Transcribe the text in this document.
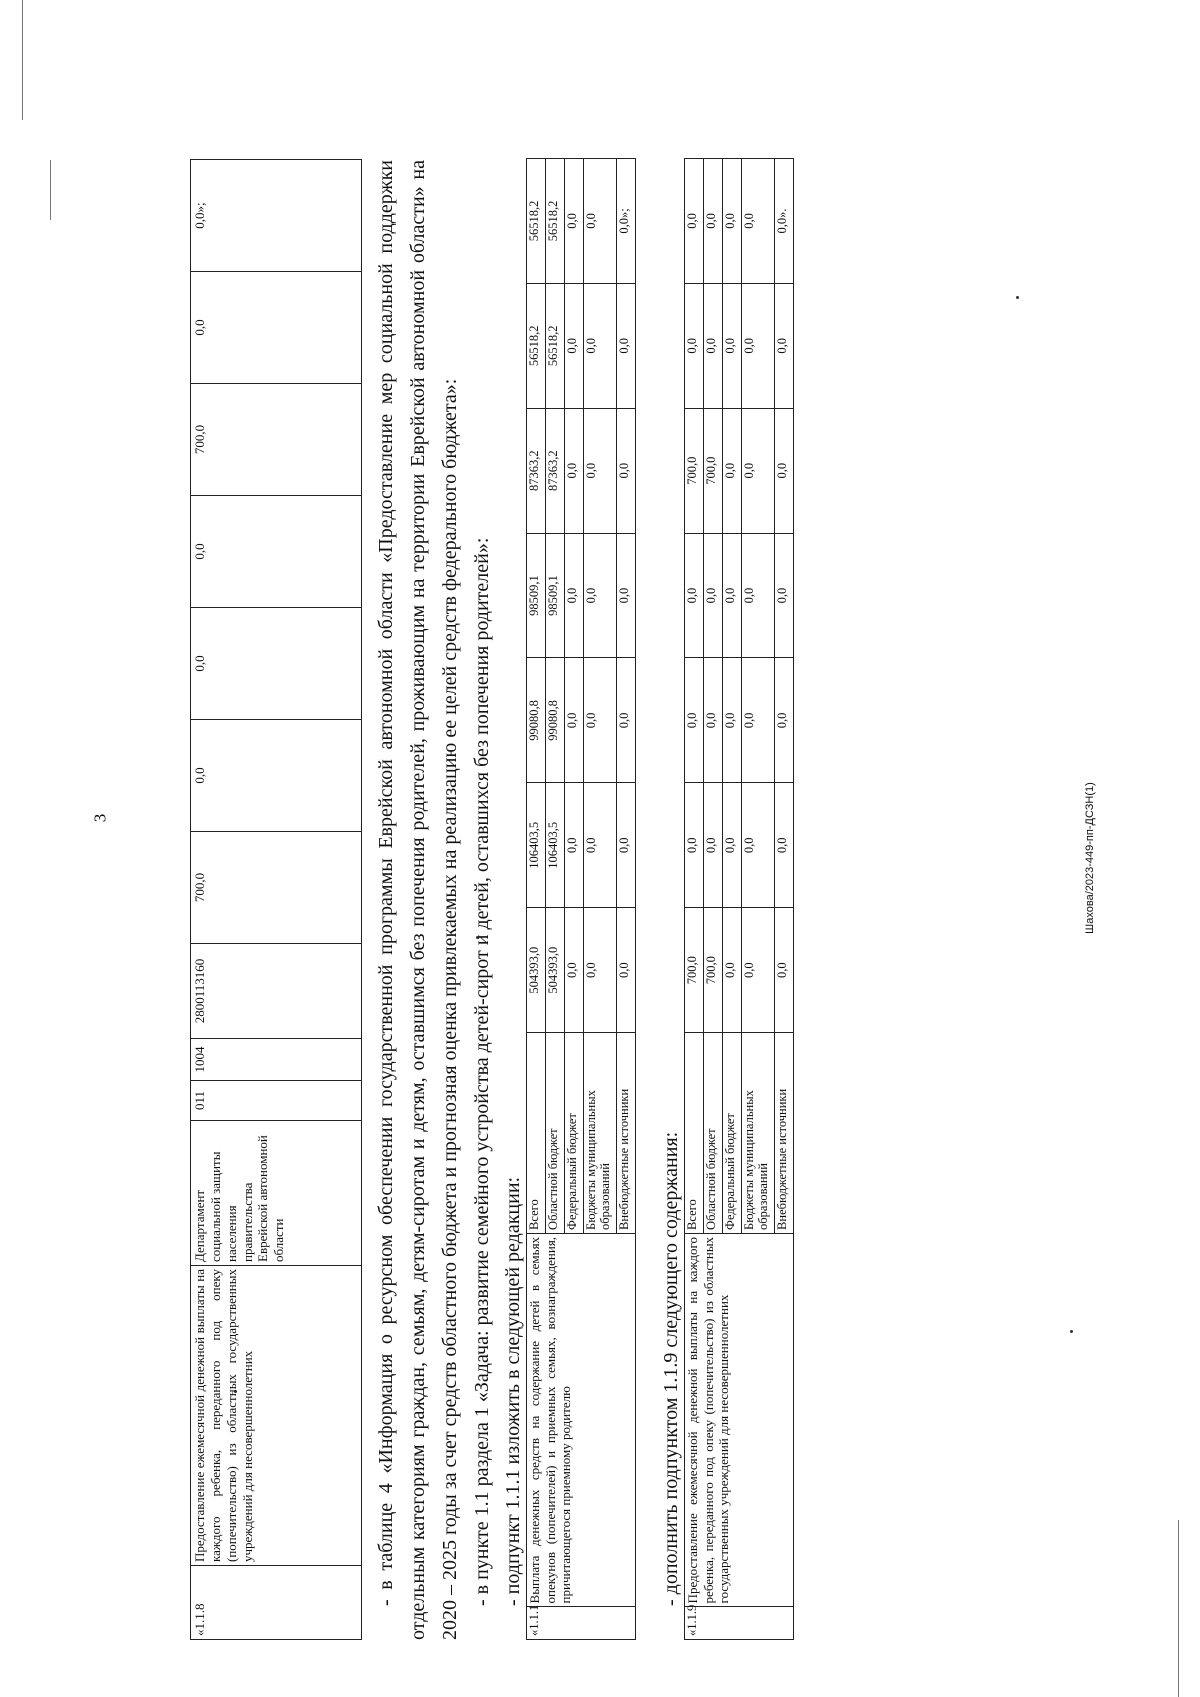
3	Шахова/2023-449-пп-ДСЗН(1)
«1.1.8	Предоставление ежемесячной денежной выплаты на каждого ребенка, переданного под опеку (попечительство) из областных государственных учреждений для несовершеннолетних	Департамент социальной защиты населения правительства Еврейской автономной области	011	1004	2800113160	700,0	0,0	0,0	0,0	700,0	0,0	0,0»;	- в таблице 4 «Информация о ресурсном обеспечении государственной программы Еврейской автономной области «Предоставление мер социальной поддержки отдельным категориям граждан, семьям, детям-сиротам и детям, оставшимся без попечения родителей, проживающим на территории Еврейской автономной области» на 2020 – 2025 годы за счет средств областного бюджета и прогнозная оценка привлекаемых на реализацию ее целей средств федерального бюджета»: - в пункте 1.1 раздела 1 «Задача: развитие семейного устройства детей-сирот и детей, оставшихся без попечения родителей»: - подпункт 1.1.1 изложить в следующей редакции:
«1.1.1	Выплата денежных средств на содержание детей в семьях опекунов (попечителей) и приемных семьях, вознаграждения, причитающегося приемному родителю	Всего	504393,0	106403,5	99080,8	98509,1	87363,2	56518,2	56518,2
		Областной бюджет	504393,0	106403,5	99080,8	98509,1	87363,2	56518,2	56518,2
		Федеральный бюджет	0,0	0,0	0,0	0,0	0,0	0,0	0,0
		Бюджеты муниципальных образований	0,0	0,0	0,0	0,0	0,0	0,0	0,0
		Внебюджетные источники	0,0	0,0	0,0	0,0	0,0	0,0	0,0»;
- дополнить подпунктом 1.1.9 следующего содержания:
«1.1.9	Предоставление ежемесячной денежной выплаты на каждого ребенка, переданного под опеку (попечительство) из областных государственных учреждений для несовершеннолетних	Всего	700,0	0,0	0,0	0,0	700,0	0,0	0,0
		Областной бюджет	700,0	0,0	0,0	0,0	700,0	0,0	0,0
		Федеральный бюджет	0,0	0,0	0,0	0,0	0,0	0,0	0,0
		Бюджеты муниципальных образований	0,0	0,0	0,0	0,0	0,0	0,0	0,0
		Внебюджетные источники	0,0	0,0	0,0	0,0	0,0	0,0	0,0».
